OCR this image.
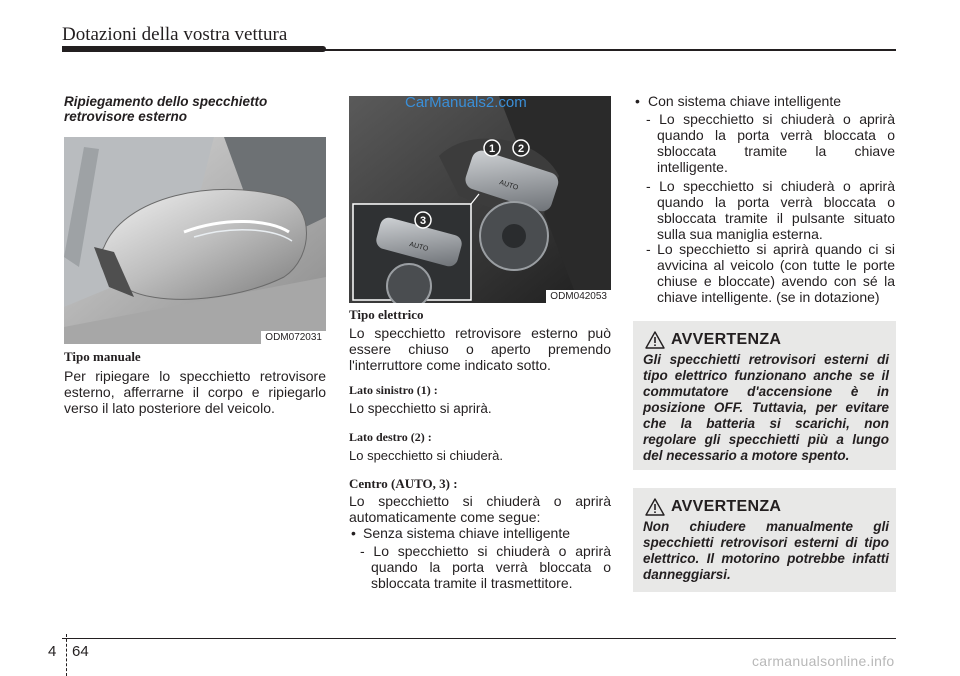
Dotazioni della vostra vettura
Ripiegamento dello specchietto retrovisore esterno
ODM072031
Tipo manuale
Per ripiegare lo specchietto retrovisore esterno, afferrarne il corpo e ripiegarlo verso il lato posteriore del veicolo.
1 2
3
AUTO
AUTO
CarManuals2.com
ODM042053
Tipo elettrico
Lo specchietto retrovisore esterno può essere chiuso o aperto premendo l'interruttore come indicato sotto.
Lato sinistro (1) :
Lo specchietto si aprirà.
Lato destro (2) :
Lo specchietto si chiuderà.
Centro (AUTO, 3) :
Lo specchietto si chiuderà o aprirà automaticamente come segue:
• Senza sistema chiave intelligente
- Lo specchietto si chiuderà o aprirà quando la porta verrà bloccata o sbloccata tramite il trasmettitore.
• Con sistema chiave intelligente
- Lo specchietto si chiuderà o aprirà quando la porta verrà bloccata o sbloccata tramite la chiave intelligente.
- Lo specchietto si chiuderà o aprirà quando la porta verrà bloccata o sbloccata tramite il pulsante situato sulla sua maniglia esterna.
- Lo specchietto si aprirà quando ci si avvicina al veicolo (con tutte le porte chiuse e bloccate) avendo con sé la chiave intelligente. (se in dotazione)
AVVERTENZA
Gli specchietti retrovisori esterni di tipo elettrico funzionano anche se il commutatore d'accensione è in posizione OFF. Tuttavia, per evitare che la batteria si scarichi, non regolare gli specchietti più a lungo del necessario a motore spento.
AVVERTENZA
Non chiudere manualmente gli specchietti retrovisori esterni di tipo elettrico. Il motorino potrebbe infatti danneggiarsi.
4 64
carmanualsonline.info
